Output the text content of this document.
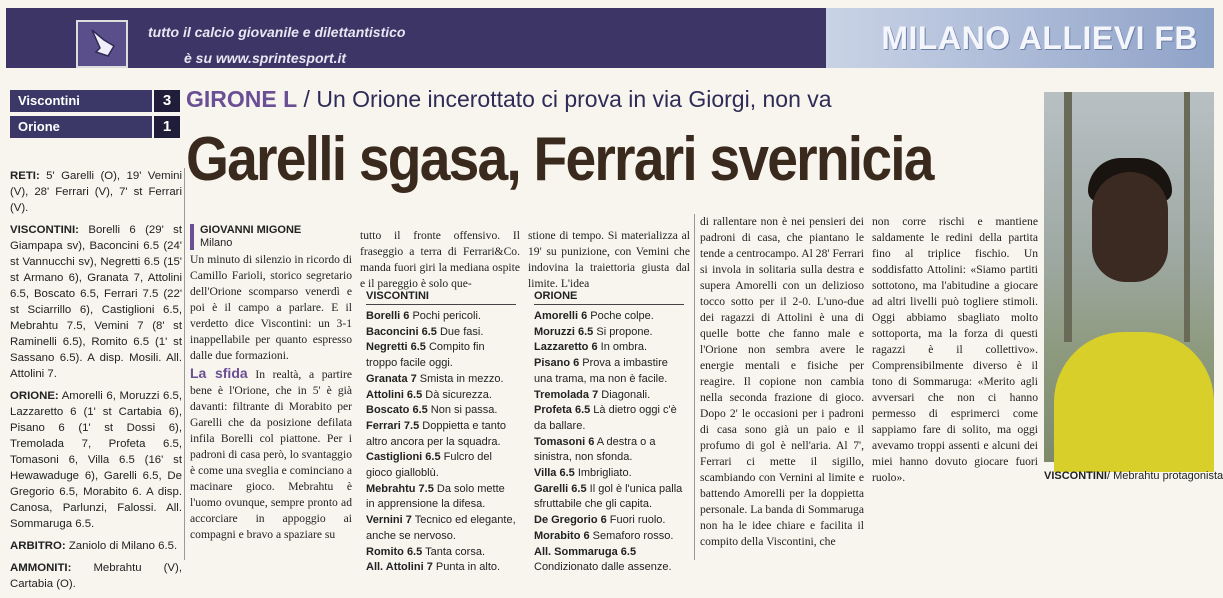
tutto il calcio giovanile e dilettantistico
è su www.sprintesport.it
MILANO ALLIEVI FB
Viscontini	3
Orione	1
GIRONE L / Un Orione incerottato ci prova in via Giorgi, non va
Garelli sgasa, Ferrari svernicia

RETI: 5' Garelli (O), 19' Vemini (V), 28' Ferrari (V), 7' st Ferrari (V).

VISCONTINI: Borelli 6 (29' st Giampapa sv), Baconcini 6.5 (24' st Vannucchi sv), Negretti 6.5 (15' st Armano 6), Granata 7, Attolini 6.5, Boscato 6.5, Ferrari 7.5 (22' st Sciarrillo 6), Castiglioni 6.5, Mebrahtu 7.5, Vemini 7 (8' st Raminelli 6.5), Romito 6.5 (1' st Sassano 6.5). A disp. Mosili. All. Attolini 7.

ORIONE: Amorelli 6, Moruzzi 6.5, Lazzaretto 6 (1' st Cartabia 6), Pisano 6 (1' st Dossi 6), Tremolada 7, Profeta 6.5, Tomasoni 6, Villa 6.5 (16' st Hewawaduge 6), Garelli 6.5, De Gregorio 6.5, Morabito 6. A disp. Canosa, Parlunzi, Falossi. All. Sommaruga 6.5.

ARBITRO: Zaniolo di Milano 6.5.

AMMONITI: Mebrahtu (V), Cartabia (O).

GIOVANNI MIGONE
Milano

Un minuto di silenzio in ricordo di Camillo Farioli, storico segretario dell'Orione scomparso venerdì e poi è il campo a parlare. E il verdetto dice Viscontini: un 3-1 inappellabile per quanto espresso dalle due formazioni.

La sfida In realtà, a partire bene è l'Orione, che in 5' è già davanti: filtrante di Morabito per Garelli che da posizione defilata infila Borelli col piattone. Per i padroni di casa però, lo svantaggio è come una sveglia e cominciano a macinare gioco. Mebrahtu è l'uomo ovunque, sempre pronto ad accorciare in appoggio ai compagni e bravo a spaziare su

tutto il fronte offensivo. Il fraseggio a terra di Ferrari&Co. manda fuori giri la mediana ospite e il pareggio è solo que-

stione di tempo. Si materializza al 19' su punizione, con Vemini che indovina la traiettoria giusta dal limite. L'idea

VISCONTINI
Borelli 6 Pochi pericoli.
Baconcini 6.5 Due fasi.
Negretti 6.5 Compito fin troppo facile oggi.
Granata 7 Smista in mezzo.
Attolini 6.5 Dà sicurezza.
Boscato 6.5 Non si passa.
Ferrari 7.5 Doppietta e tanto altro ancora per la squadra.
Castiglioni 6.5 Fulcro del gioco gialloblù.
Mebrahtu 7.5 Da solo mette in apprensione la difesa.
Vernini 7 Tecnico ed elegante, anche se nervoso.
Romito 6.5 Tanta corsa.
All. Attolini 7 Punta in alto.
ORIONE
Amorelli 6 Poche colpe.
Moruzzi 6.5 Si propone.
Lazzaretto 6 In ombra.
Pisano 6 Prova a imbastire una trama, ma non è facile.
Tremolada 7 Diagonali.
Profeta 6.5 Là dietro oggi c'è da ballare.
Tomasoni 6 A destra o a sinistra, non sfonda.
Villa 6.5 Imbrigliato.
Garelli 6.5 Il gol è l'unica palla sfruttabile che gli capita.
De Gregorio 6 Fuori ruolo.
Morabito 6 Semaforo rosso.
All. Sommaruga 6.5 Condizionato dalle assenze.

di rallentare non è nei pensieri dei padroni di casa, che piantano le tende a centrocampo. Al 28' Ferrari si invola in solitaria sulla destra e supera Amorelli con un delizioso tocco sotto per il 2-0. L'uno-due dei ragazzi di Attolini è una di quelle botte che fanno male e l'Orione non sembra avere le energie mentali e fisiche per reagire. Il copione non cambia nella seconda frazione di gioco. Dopo 2' le occasioni per i padroni di casa sono già un paio e il profumo di gol è nell'aria. Al 7', Ferrari ci mette il sigillo, scambiando con Vernini al limite e battendo Amorelli per la doppietta personale. La banda di Sommaruga non ha le idee chiare e facilita il compito della Viscontini, che

non corre rischi e mantiene saldamente le redini della partita fino al triplice fischio. Un soddisfatto Attolini: «Siamo partiti sottotono, ma l'abitudine a giocare ad altri livelli può togliere stimoli. Oggi abbiamo sbagliato molto sottoporta, ma la forza di questi ragazzi è il collettivo». Comprensibilmente diverso è il tono di Sommaruga: «Merito agli avversari che non ci hanno permesso di esprimerci come sappiamo fare di solito, ma oggi avevamo troppi assenti e alcuni dei miei hanno dovuto giocare fuori ruolo».	VISCONTINI/ Mebrahtu protagonista
